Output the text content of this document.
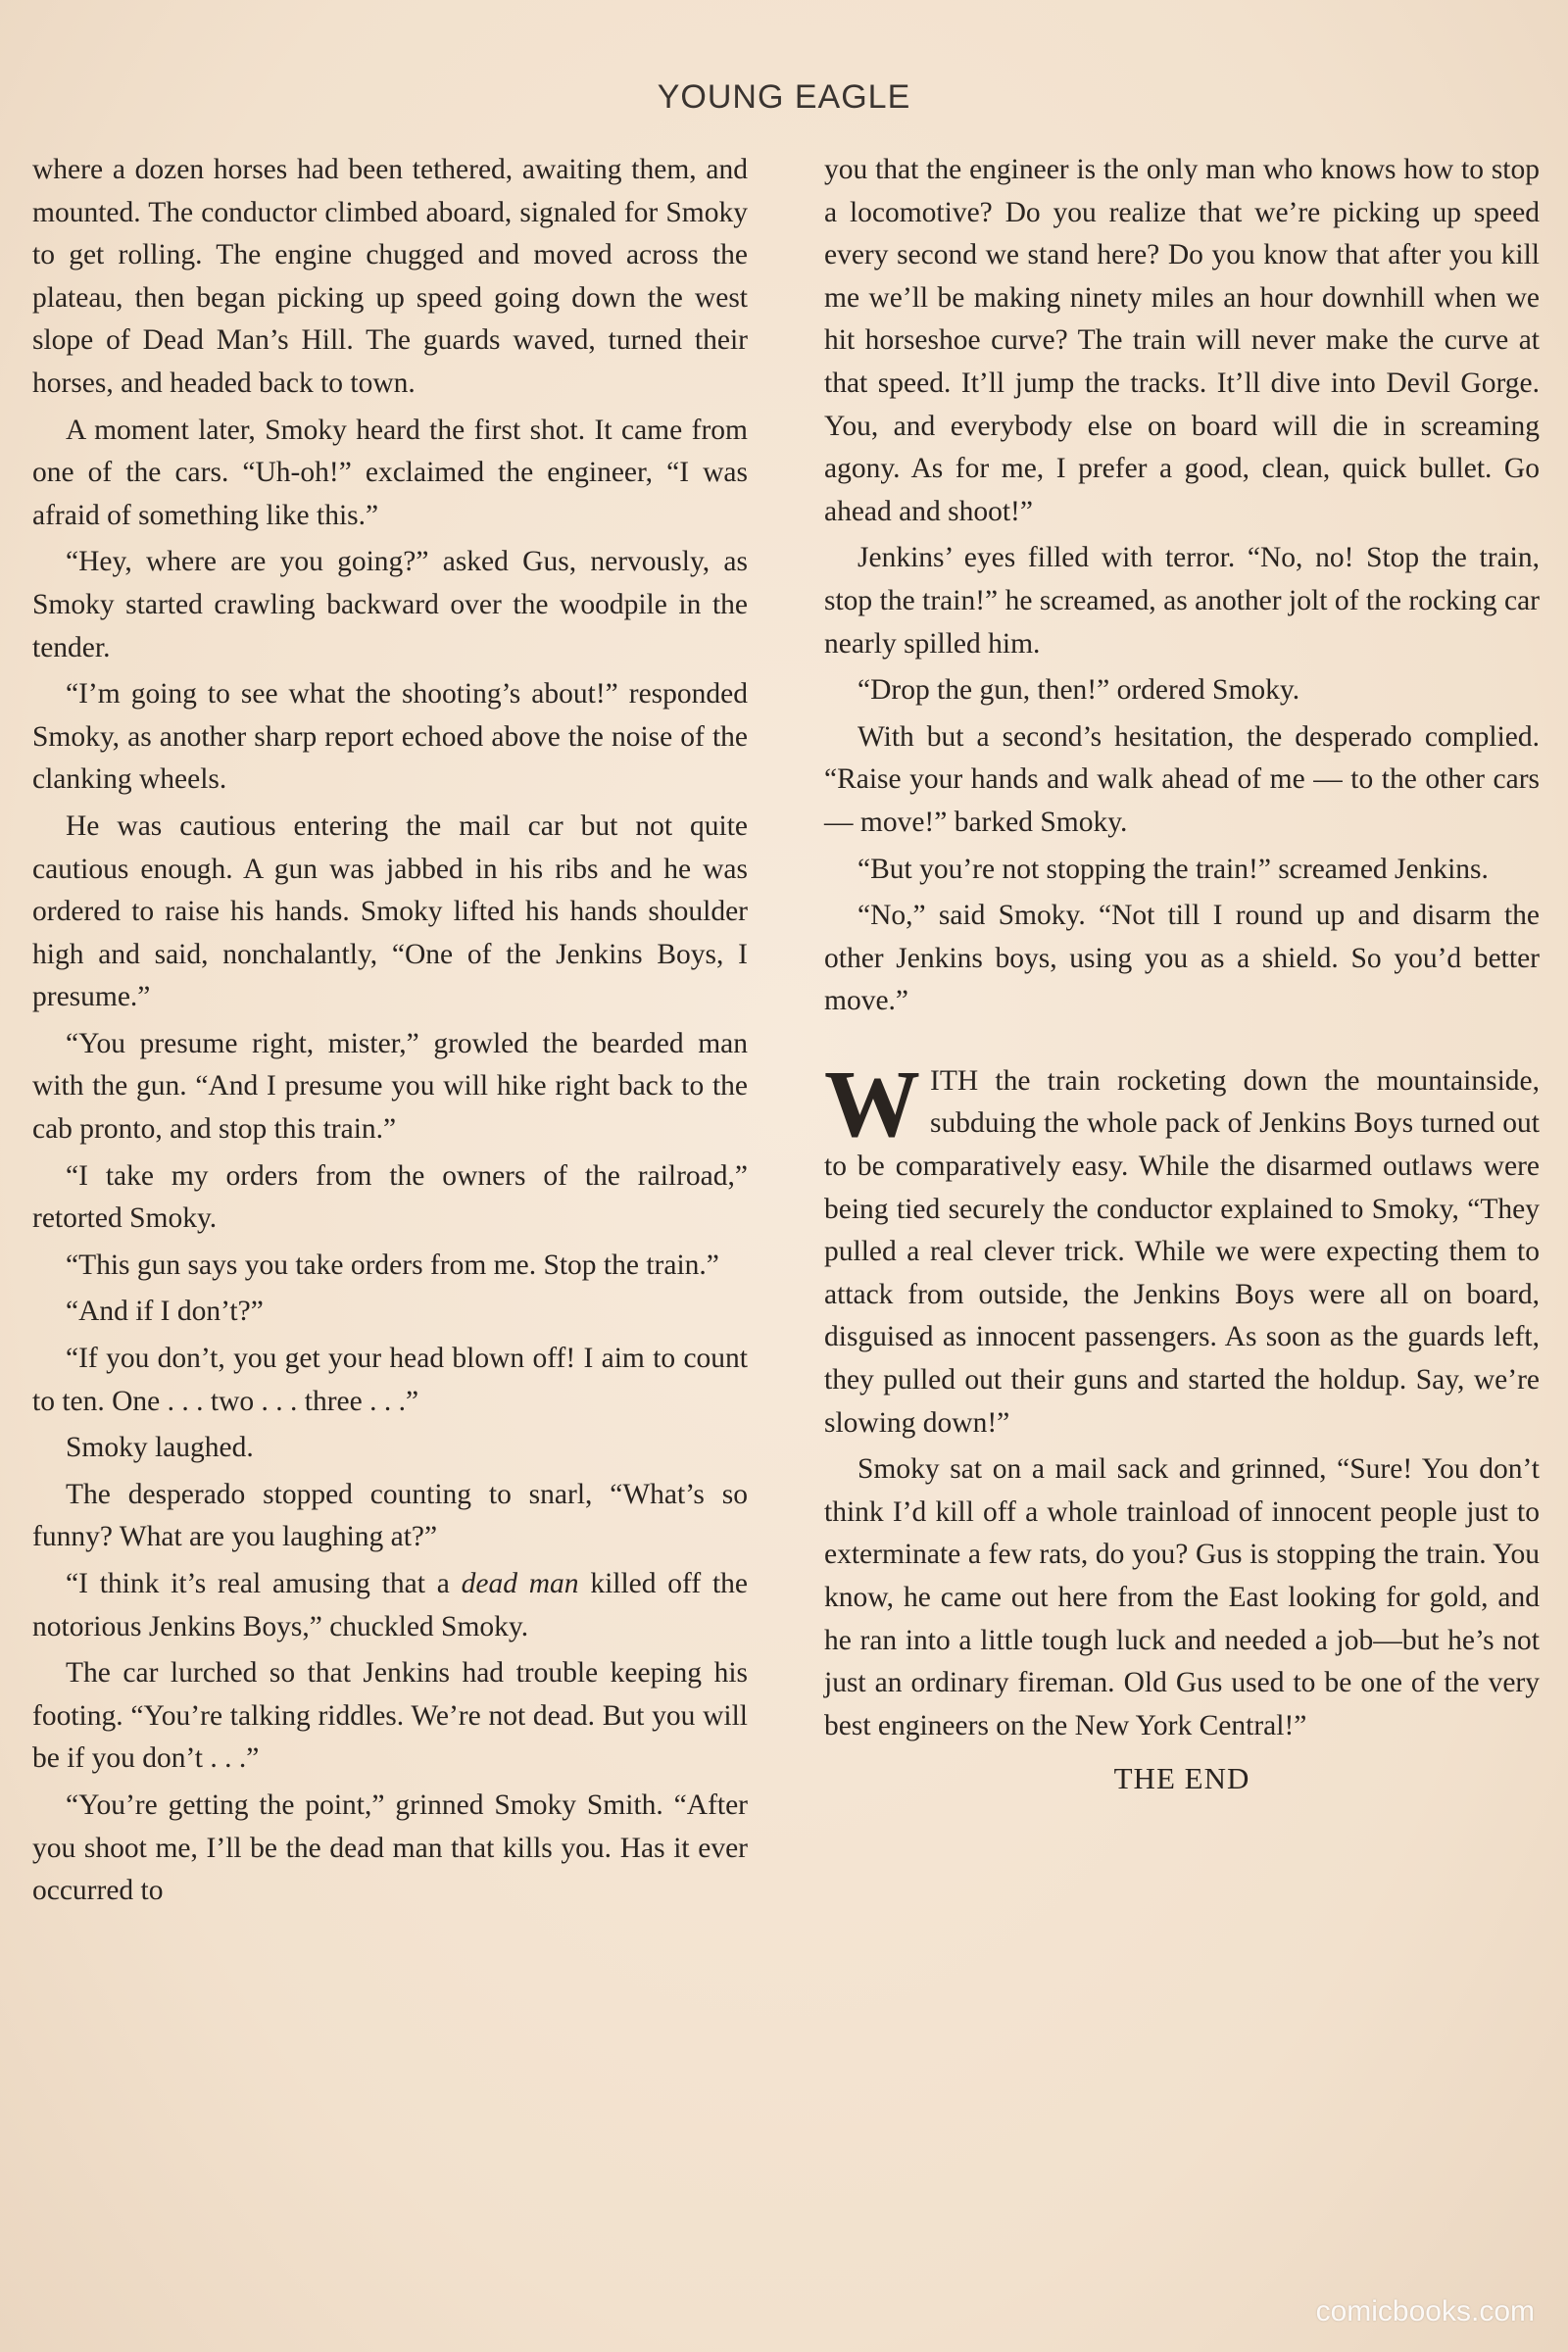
YOUNG EAGLE

where a dozen horses had been tethered, awaiting them, and mounted. The conductor climbed aboard, signaled for Smoky to get rolling. The engine chugged and moved across the plateau, then began picking up speed going down the west slope of Dead Man’s Hill. The guards waved, turned their horses, and headed back to town.

A moment later, Smoky heard the first shot. It came from one of the cars. “Uh-oh!” exclaimed the engineer, “I was afraid of something like this.”

“Hey, where are you going?” asked Gus, nervously, as Smoky started crawling backward over the woodpile in the tender.

“I’m going to see what the shooting’s about!” responded Smoky, as another sharp report echoed above the noise of the clanking wheels.

He was cautious entering the mail car but not quite cautious enough. A gun was jabbed in his ribs and he was ordered to raise his hands. Smoky lifted his hands shoulder high and said, nonchalantly, “One of the Jenkins Boys, I presume.”

“You presume right, mister,” growled the bearded man with the gun. “And I presume you will hike right back to the cab pronto, and stop this train.”

“I take my orders from the owners of the railroad,” retorted Smoky.

“This gun says you take orders from me. Stop the train.”

“And if I don’t?”

“If you don’t, you get your head blown off! I aim to count to ten. One . . . two . . . three . . .”

Smoky laughed.

The desperado stopped counting to snarl, “What’s so funny? What are you laughing at?”

“I think it’s real amusing that a dead man killed off the notorious Jenkins Boys,” chuckled Smoky.

The car lurched so that Jenkins had trouble keeping his footing. “You’re talking riddles. We’re not dead. But you will be if you don’t . . .”

“You’re getting the point,” grinned Smoky Smith. “After you shoot me, I’ll be the dead man that kills you. Has it ever occurred to

you that the engineer is the only man who knows how to stop a locomotive? Do you realize that we’re picking up speed every second we stand here? Do you know that after you kill me we’ll be making ninety miles an hour downhill when we hit horseshoe curve? The train will never make the curve at that speed. It’ll jump the tracks. It’ll dive into Devil Gorge. You, and everybody else on board will die in screaming agony. As for me, I prefer a good, clean, quick bullet. Go ahead and shoot!”

Jenkins’ eyes filled with terror. “No, no! Stop the train, stop the train!” he screamed, as another jolt of the rocking car nearly spilled him.

“Drop the gun, then!” ordered Smoky.

With but a second’s hesitation, the desperado complied. “Raise your hands and walk ahead of me — to the other cars — move!” barked Smoky.

“But you’re not stopping the train!” screamed Jenkins.

“No,” said Smoky. “Not till I round up and disarm the other Jenkins boys, using you as a shield. So you’d better move.”

WITH the train rocketing down the mountainside, subduing the whole pack of Jenkins Boys turned out to be comparatively easy. While the disarmed outlaws were being tied securely the conductor explained to Smoky, “They pulled a real clever trick. While we were expecting them to attack from outside, the Jenkins Boys were all on board, disguised as innocent passengers. As soon as the guards left, they pulled out their guns and started the holdup. Say, we’re slowing down!”

Smoky sat on a mail sack and grinned, “Sure! You don’t think I’d kill off a whole trainload of innocent people just to exterminate a few rats, do you? Gus is stopping the train. You know, he came out here from the East looking for gold, and he ran into a little tough luck and needed a job—but he’s not just an ordinary fireman. Old Gus used to be one of the very best engineers on the New York Central!”

THE END
comicbooks.com
